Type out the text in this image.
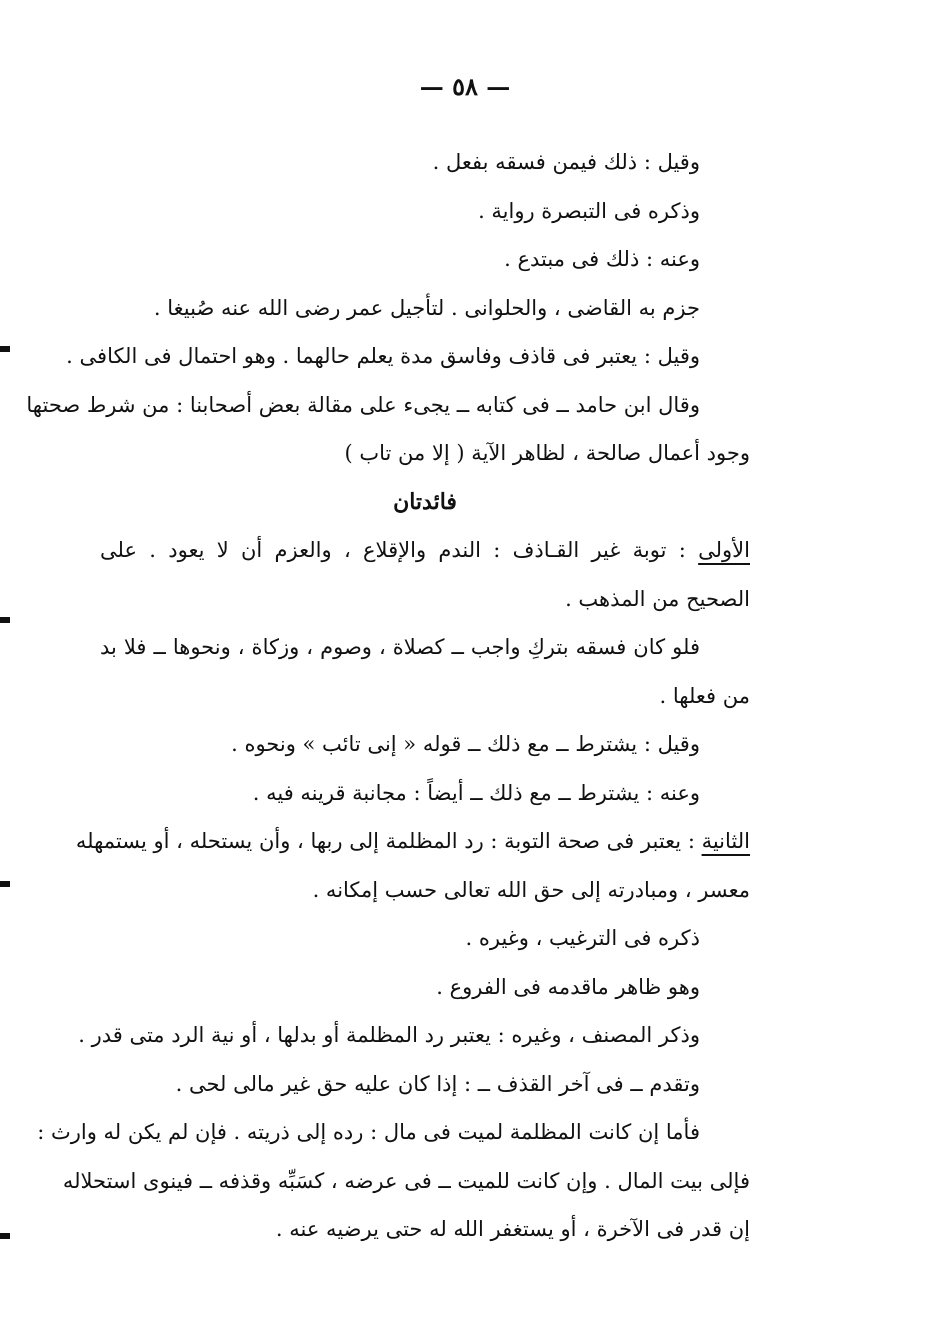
— ٥٨ —
وقيل : ذلك فيمن فسقه بفعل .
وذكره فى التبصرة رواية .
وعنه : ذلك فى مبتدع .
جزم به القاضى ، والحلوانى . لتأجيل عمر رضى الله عنه صُبيغا .
وقيل : يعتبر فى قاذف وفاسق مدة يعلم حالهما . وهو احتمال فى الكافى .
وقال ابن حامد ــ فى كتابه ــ يجىء على مقالة بعض أصحابنا : من شرط صحتها
وجود أعمال صالحة ، لظاهر الآية ( إلا من تاب )
فائدتان
الأولى : توبة غير القـاذف : الندم والإقلاع ، والعزم أن لا يعود . على
الصحيح من المذهب .
فلو كان فسقه بتركِ واجب ــ كصلاة ، وصوم ، وزكاة ، ونحوها ــ فلا بد
من فعلها .
وقيل : يشترط ــ مع ذلك ــ قوله « إنى تائب » ونحوه .
وعنه : يشترط ــ مع ذلك ــ أيضاً : مجانبة قرينه فيه .
الثانية : يعتبر فى صحة التوبة : رد المظلمة إلى ربها ، وأن يستحله ، أو يستمهله
معسر ، ومبادرته إلى حق الله تعالى حسب إمكانه .
ذكره فى الترغيب ، وغيره .
وهو ظاهر ماقدمه فى الفروع .
وذكر المصنف ، وغيره : يعتبر رد المظلمة أو بدلها ، أو نية الرد متى قدر .
وتقدم ــ فى آخر القذف ــ : إذا كان عليه حق غير مالى لحى .
فأما إن كانت المظلمة لميت فى مال : رده إلى ذريته . فإن لم يكن له وارث :
فإلى بيت المال . وإن كانت للميت ــ فى عرضه ، كسَبِّه وقذفه ــ فينوى استحلاله
إن قدر فى الآخرة ، أو يستغفر الله له حتى يرضيه عنه .
